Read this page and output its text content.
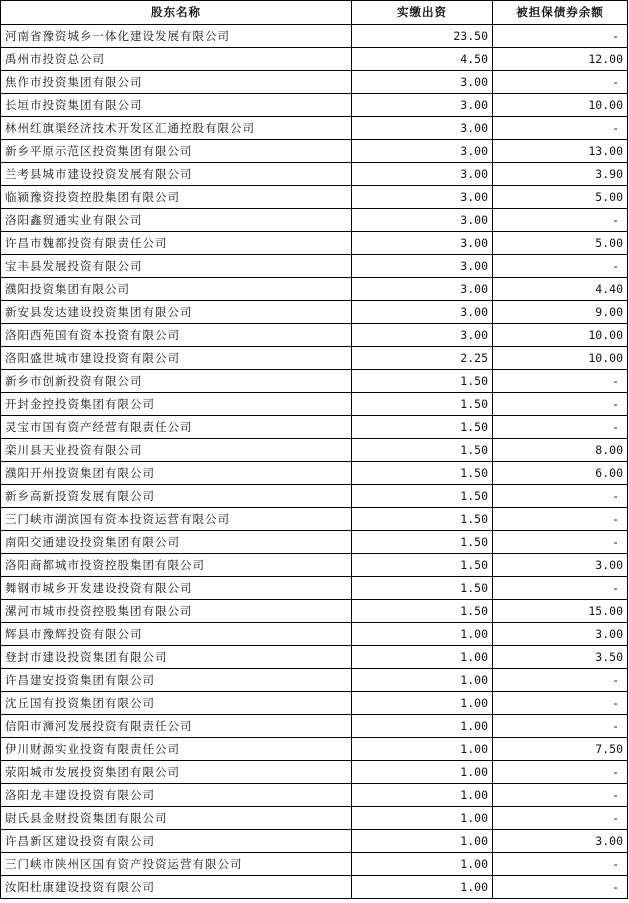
股东名称	实缴出资	被担保债券余额
河南省豫资城乡一体化建设发展有限公司	23.50	-
禹州市投资总公司	4.50	12.00
焦作市投资集团有限公司	3.00	-
长垣市投资集团有限公司	3.00	10.00
林州红旗渠经济技术开发区汇通控股有限公司	3.00	-
新乡平原示范区投资集团有限公司	3.00	13.00
兰考县城市建设投资发展有限公司	3.00	3.90
临颍豫资投资控股集团有限公司	3.00	5.00
洛阳鑫贸通实业有限公司	3.00	-
许昌市魏都投资有限责任公司	3.00	5.00
宝丰县发展投资有限公司	3.00	-
濮阳投资集团有限公司	3.00	4.40
新安县发达建设投资集团有限公司	3.00	9.00
洛阳西苑国有资本投资有限公司	3.00	10.00
洛阳盛世城市建设投资有限公司	2.25	10.00
新乡市创新投资有限公司	1.50	-
开封金控投资集团有限公司	1.50	-
灵宝市国有资产经营有限责任公司	1.50	-
栾川县天业投资有限公司	1.50	8.00
濮阳开州投资集团有限公司	1.50	6.00
新乡高新投资发展有限公司	1.50	-
三门峡市湖滨国有资本投资运营有限公司	1.50	-
南阳交通建设投资集团有限公司	1.50	-
洛阳商都城市投资控股集团有限公司	1.50	3.00
舞钢市城乡开发建设投资有限公司	1.50	-
漯河市城市投资控股集团有限公司	1.50	15.00
辉县市豫辉投资有限公司	1.00	3.00
登封市建设投资集团有限公司	1.00	3.50
许昌建安投资集团有限公司	1.00	-
沈丘国有投资集团有限公司	1.00	-
信阳市浉河发展投资有限责任公司	1.00	-
伊川财源实业投资有限责任公司	1.00	7.50
荥阳城市发展投资集团有限公司	1.00	-
洛阳龙丰建设投资有限公司	1.00	-
尉氏县金财投资集团有限公司	1.00	-
许昌新区建设投资有限公司	1.00	3.00
三门峡市陕州区国有资产投资运营有限公司	1.00	-
汝阳杜康建设投资有限公司	1.00	-
